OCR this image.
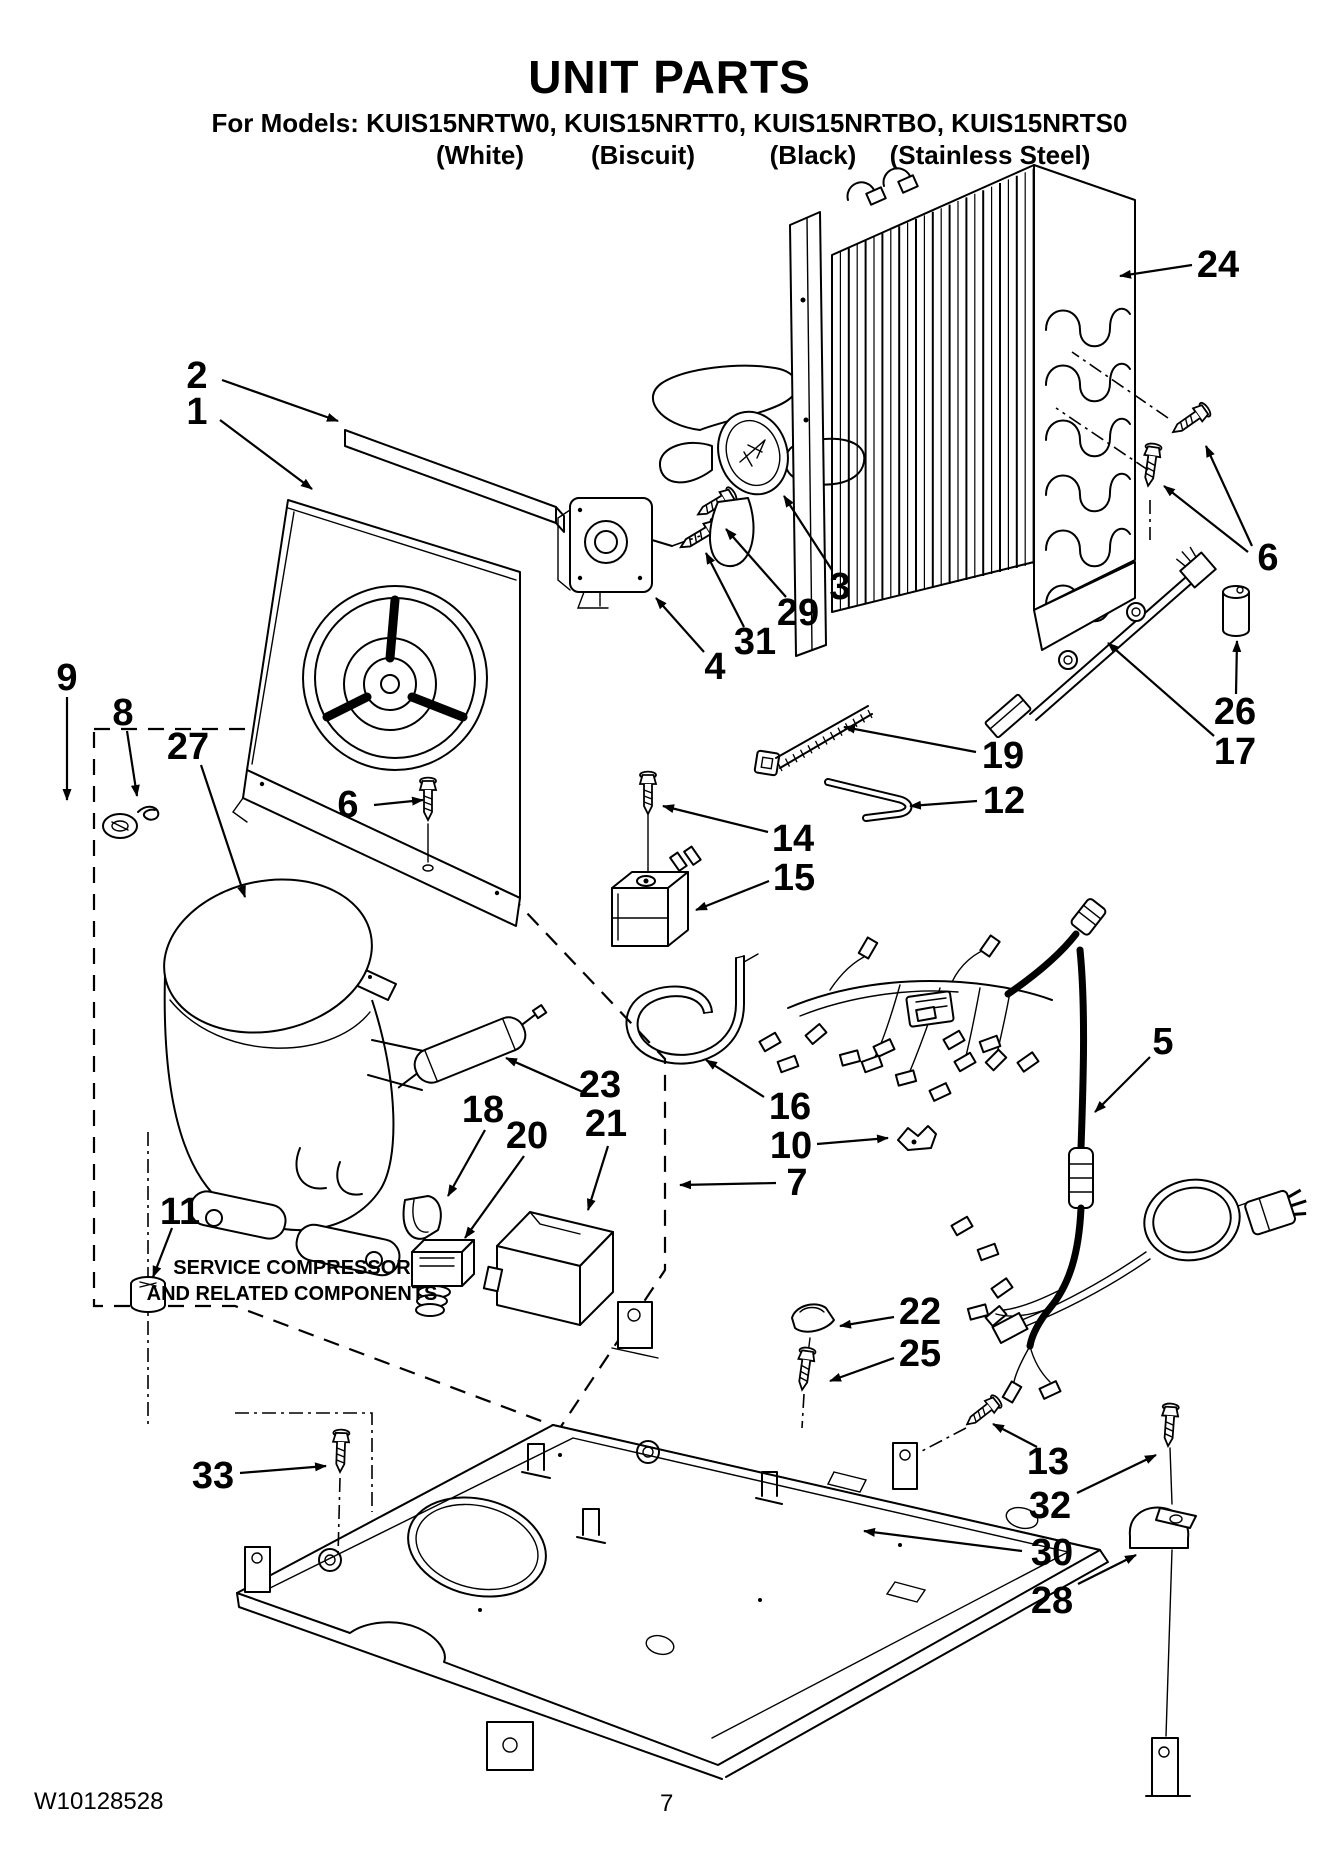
UNIT PARTS
For Models: KUIS15NRTW0, KUIS15NRTT0, KUIS15NRTBO, KUIS15NRTS0
(White)	(Biscuit)	(Black) (Stainless Steel)
2
1
24
3
29
31
4
6
26
17
19
12
14
15
16
10
7
5
23
18
20 21
11
22
25
33	13
32
30
28
9
8
27
6
SERVICE COMPRESSOR
AND RELATED COMPONENTS
W10128528	7
